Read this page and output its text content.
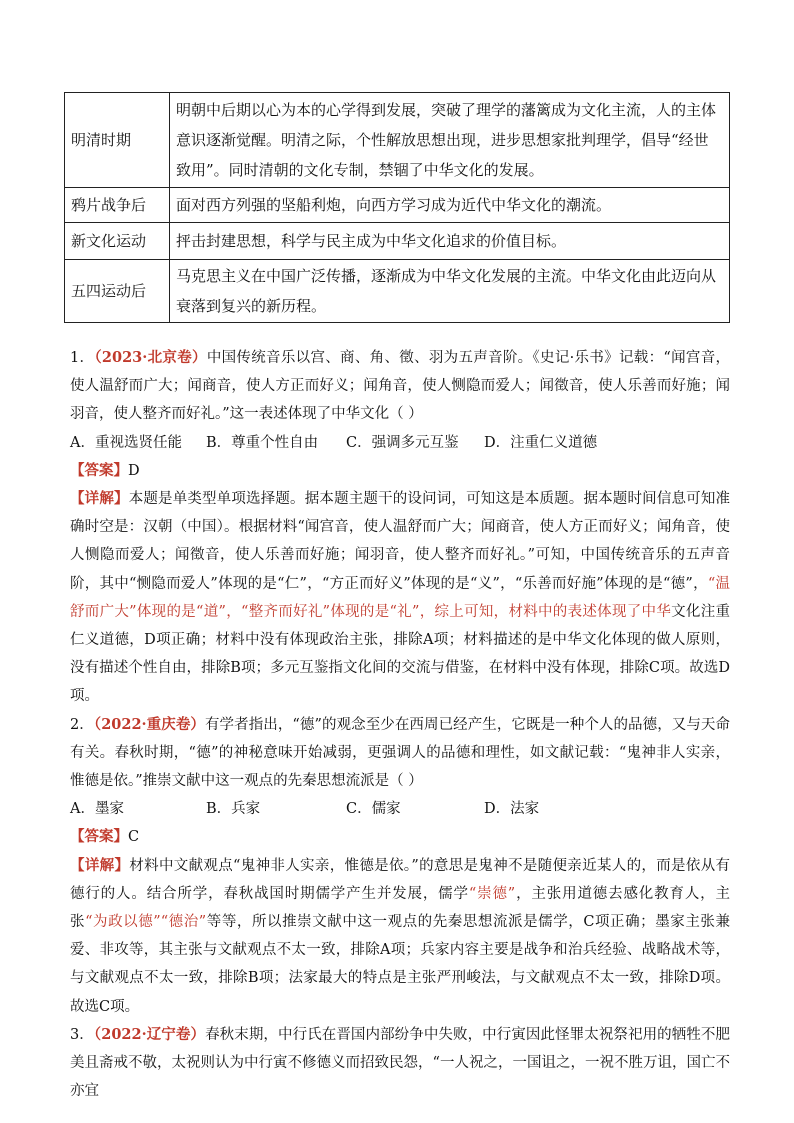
明清时期	明朝中后期以心为本的心学得到发展，突破了理学的藩篱成为文化主流，人的主体意识逐渐觉醒。明清之际，个性解放思想出现，进步思想家批判理学，倡导“经世致用”。同时清朝的文化专制，禁锢了中华文化的发展。
鸦片战争后	面对西方列强的坚船利炮，向西方学习成为近代中华文化的潮流。
新文化运动	抨击封建思想，科学与民主成为中华文化追求的价值目标。
五四运动后	马克思主义在中国广泛传播，逐渐成为中华文化发展的主流。中华文化由此迈向从衰落到复兴的新历程。

1．（2023·北京卷）中国传统音乐以宫、商、角、徵、羽为五声音阶。《史记·乐书》记载：“闻宫音，使人温舒而广大；闻商音，使人方正而好义；闻角音，使人恻隐而爱人；闻徵音，使人乐善而好施；闻羽音，使人整齐而好礼。”这一表述体现了中华文化（ ）

A．重视选贤任能	B．尊重个性自由	C．强调多元互鉴	D．注重仁义道德

【答案】D

【详解】本题是单类型单项选择题。据本题主题干的设问词，可知这是本质题。据本题时间信息可知准确时空是：汉朝（中国）。根据材料“闻宫音，使人温舒而广大；闻商音，使人方正而好义；闻角音，使人恻隐而爱人；闻徵音，使人乐善而好施；闻羽音，使人整齐而好礼。”可知，中国传统音乐的五声音阶，其中“恻隐而爱人”体现的是“仁”，“方正而好义”体现的是“义”，“乐善而好施”体现的是“德”，“温舒而广大”体现的是“道”，“整齐而好礼”体现的是“礼”，综上可知，材料中的表述体现了中华文化注重仁义道德，D项正确；材料中没有体现政治主张，排除A项；材料描述的是中华文化体现的做人原则，没有描述个性自由，排除B项；多元互鉴指文化间的交流与借鉴，在材料中没有体现，排除C项。故选D项。

2．（2022·重庆卷）有学者指出，“德”的观念至少在西周已经产生，它既是一种个人的品德，又与天命有关。春秋时期，“德”的神秘意味开始减弱，更强调人的品德和理性，如文献记载：“鬼神非人实亲，惟德是依。”推崇文献中这一观点的先秦思想流派是（ ）

A．墨家	B．兵家	C．儒家	D．法家

【答案】C

【详解】材料中文献观点“鬼神非人实亲，惟德是依。”的意思是鬼神不是随便亲近某人的，而是依从有德行的人。结合所学，春秋战国时期儒学产生并发展，儒学“崇德”，主张用道德去感化教育人，主张“为政以德”“德治”等等，所以推崇文献中这一观点的先秦思想流派是儒学，C项正确；墨家主张兼爱、非攻等，其主张与文献观点不太一致，排除A项；兵家内容主要是战争和治兵经验、战略战术等，与文献观点不太一致，排除B项；法家最大的特点是主张严刑峻法，与文献观点不太一致，排除D项。故选C项。

3．（2022·辽宁卷）春秋末期，中行氏在晋国内部纷争中失败，中行寅因此怪罪太祝祭祀用的牺牲不肥美且斋戒不敬，太祝则认为中行寅不修德义而招致民怨，“一人祝之，一国诅之，一祝不胜万诅，国亡不亦宜
